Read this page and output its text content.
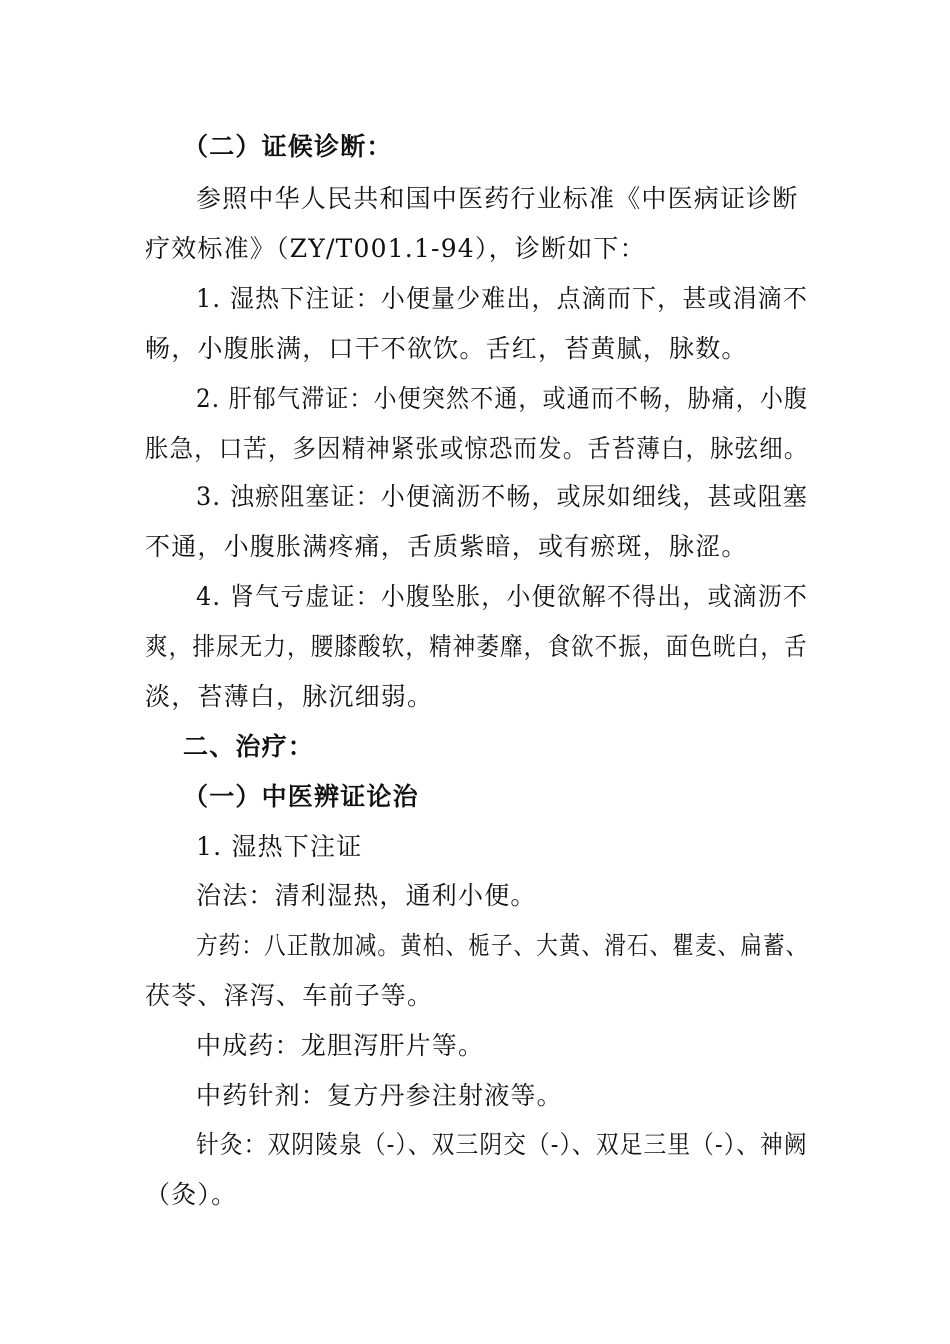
（二）证候诊断：
参照中华人民共和国中医药行业标准《中医病证诊断
疗效标准》（ZY/T001.1-94），诊断如下：
1. 湿热下注证：小便量少难出，点滴而下，甚或涓滴不
畅，小腹胀满，口干不欲饮。舌红，苔黄腻，脉数。
2. 肝郁气滞证：小便突然不通，或通而不畅，胁痛，小腹
胀急，口苦，多因精神紧张或惊恐而发。舌苔薄白，脉弦细。
3. 浊瘀阻塞证：小便滴沥不畅，或尿如细线，甚或阻塞
不通，小腹胀满疼痛，舌质紫暗，或有瘀斑，脉涩。
4. 肾气亏虚证：小腹坠胀，小便欲解不得出，或滴沥不
爽，排尿无力，腰膝酸软，精神萎靡，食欲不振，面色晄白，舌
淡，苔薄白，脉沉细弱。
二、治疗：
（一）中医辨证论治
1. 湿热下注证
治法：清利湿热，通利小便。
方药：八正散加减。黄柏、栀子、大黄、滑石、瞿麦、扁蓄、
茯苓、泽泻、车前子等。
中成药：龙胆泻肝片等。
中药针剂：复方丹参注射液等。
针灸：双阴陵泉（-）、双三阴交（-）、双足三里（-）、神阙
（灸）。
